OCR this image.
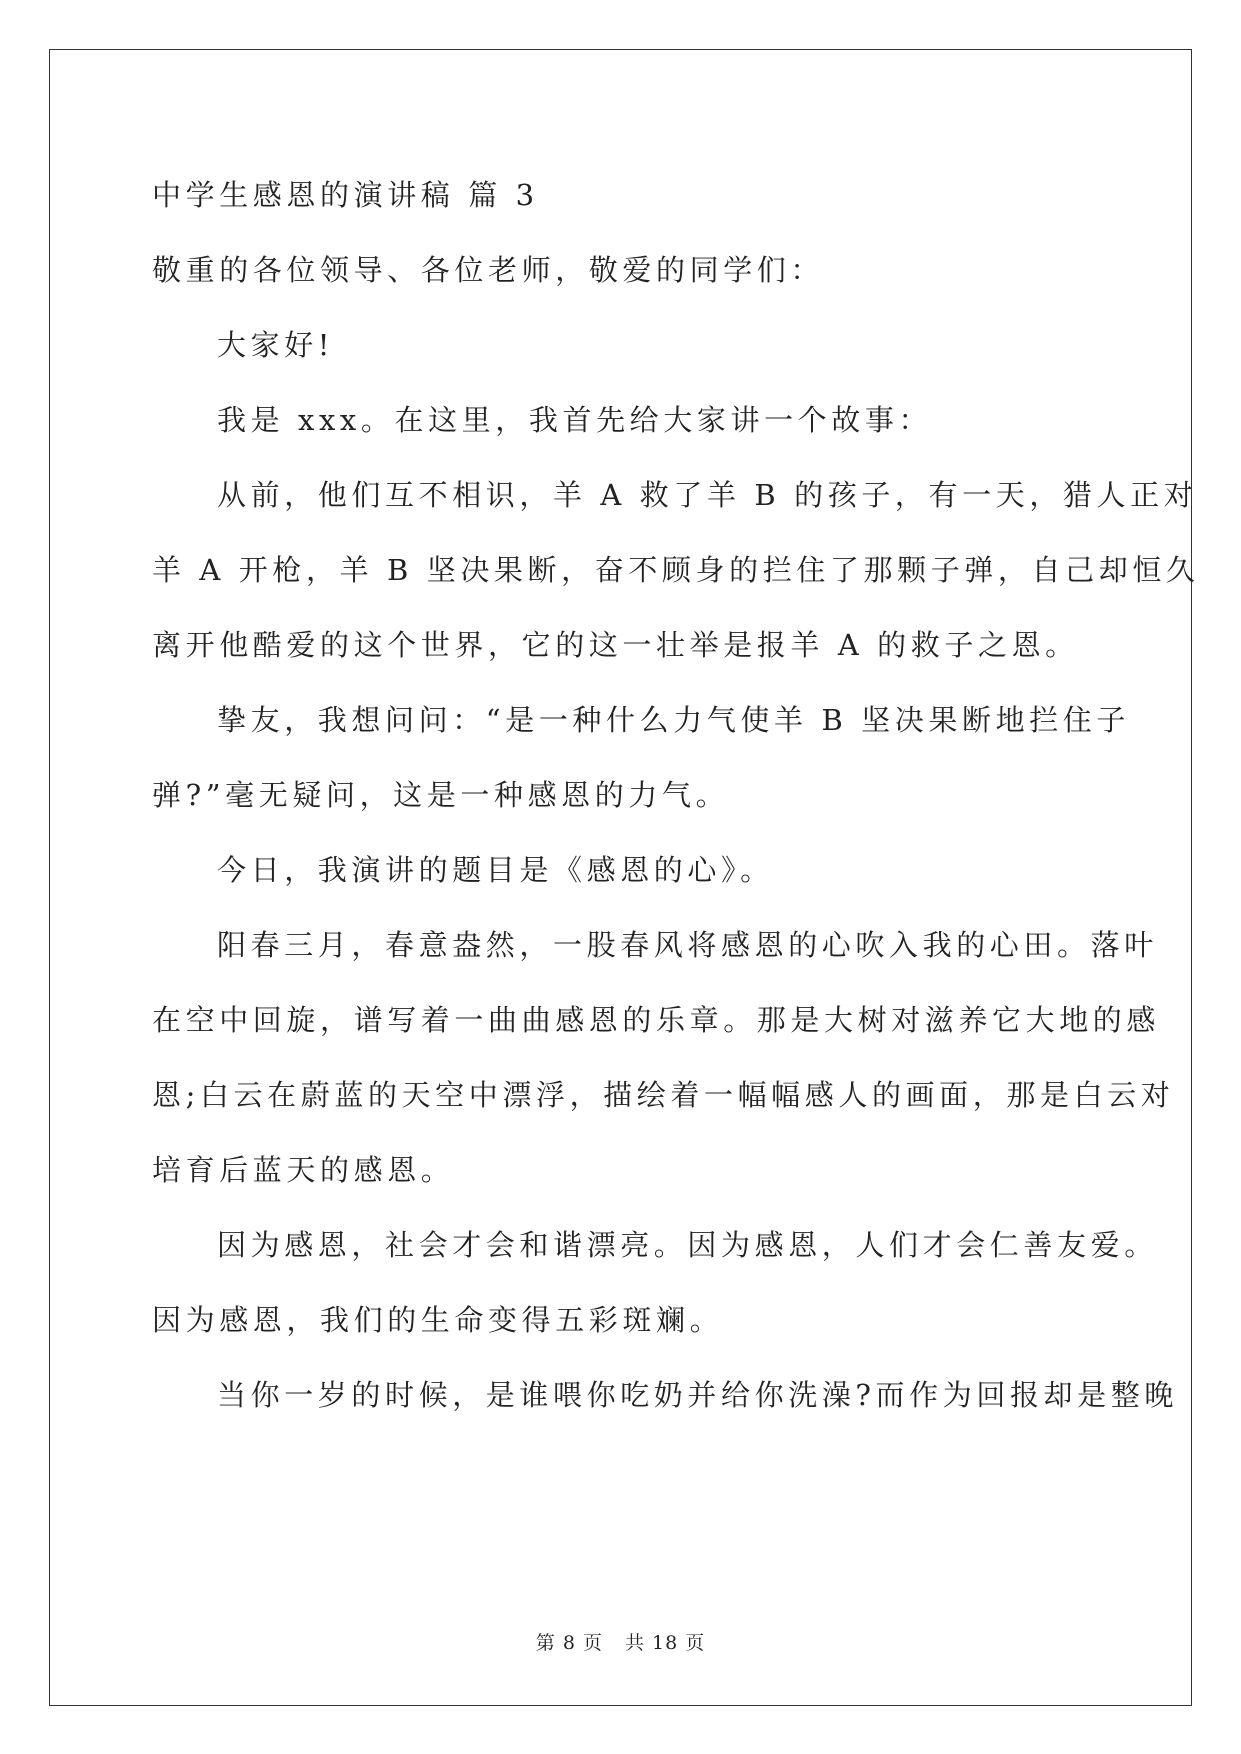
中学生感恩的演讲稿 篇 3
敬重的各位领导、各位老师，敬爱的同学们：
大家好!
我是 xxx。在这里，我首先给大家讲一个故事：
从前，他们互不相识，羊 A 救了羊 B 的孩子，有一天，猎人正对
羊 A 开枪，羊 B 坚决果断，奋不顾身的拦住了那颗子弹，自己却恒久
离开他酷爱的这个世界，它的这一壮举是报羊 A 的救子之恩。
挚友，我想问问：“是一种什么力气使羊 B 坚决果断地拦住子
弹?”毫无疑问，这是一种感恩的力气。
今日，我演讲的题目是《感恩的心》。
阳春三月，春意盎然，一股春风将感恩的心吹入我的心田。落叶
在空中回旋，谱写着一曲曲感恩的乐章。那是大树对滋养它大地的感
恩;白云在蔚蓝的天空中漂浮，描绘着一幅幅感人的画面，那是白云对
培育后蓝天的感恩。
因为感恩，社会才会和谐漂亮。因为感恩，人们才会仁善友爱。
因为感恩，我们的生命变得五彩斑斓。
当你一岁的时候，是谁喂你吃奶并给你洗澡?而作为回报却是整晚
第 8 页 共 18 页
